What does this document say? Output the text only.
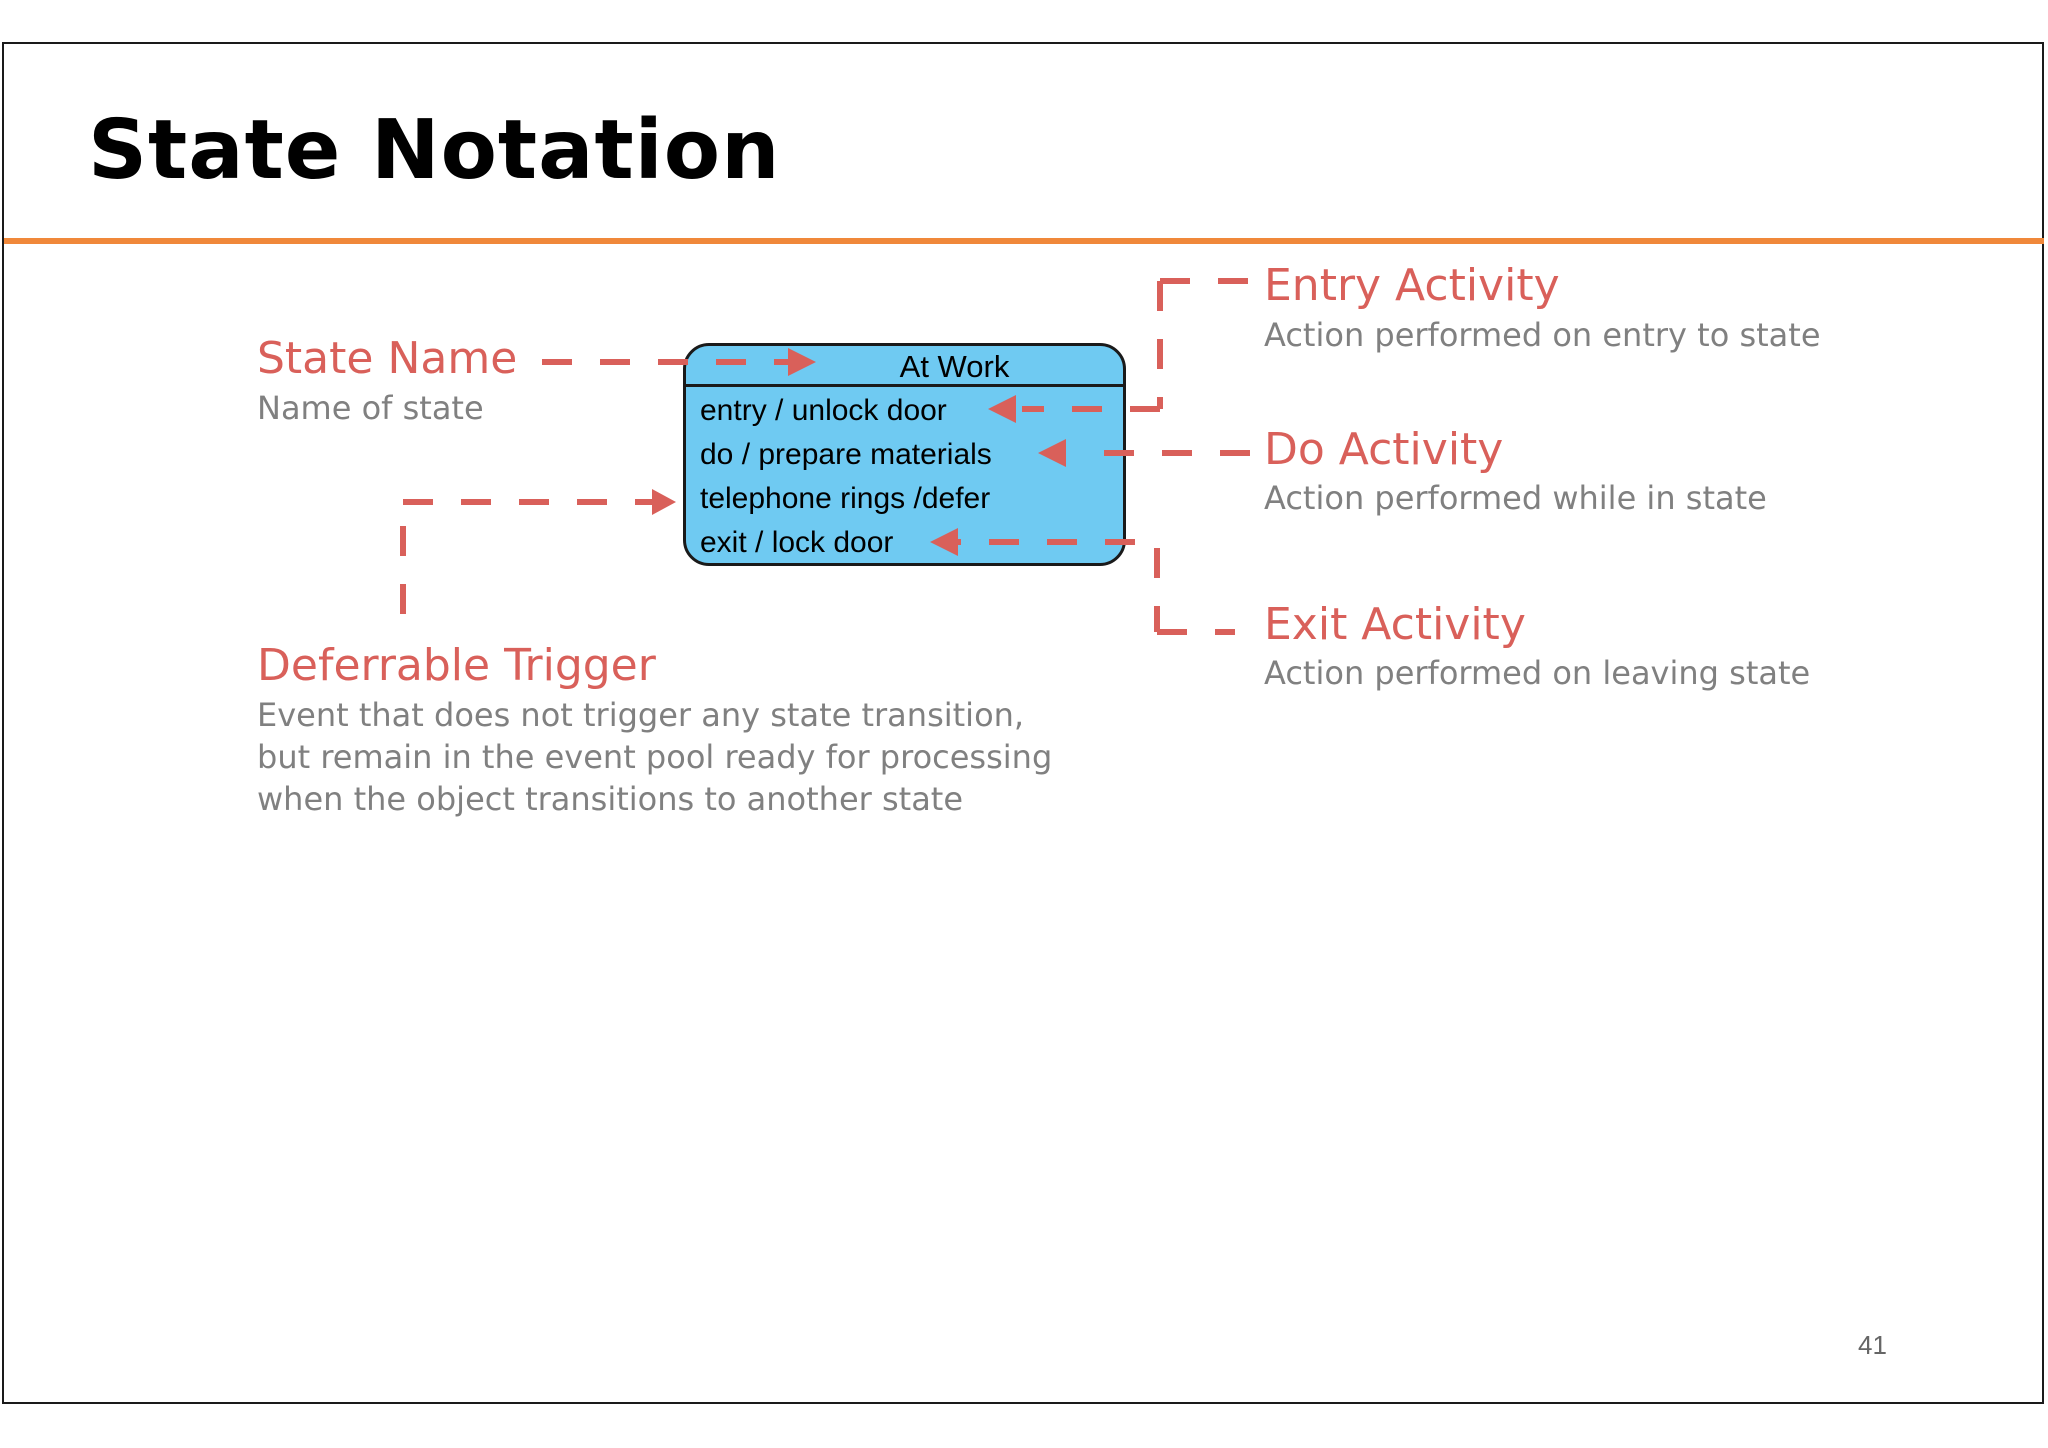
State Notation
At Work
entry / unlock door
do / prepare materials
telephone rings /defer
exit / lock door
State Name
Name of state
Deferrable Trigger
Event that does not trigger any state transition,
but remain in the event pool ready for processing
when the object transitions to another state
Entry Activity
Action performed on entry to state
Do Activity
Action performed while in state
Exit Activity
Action performed on leaving state
41
